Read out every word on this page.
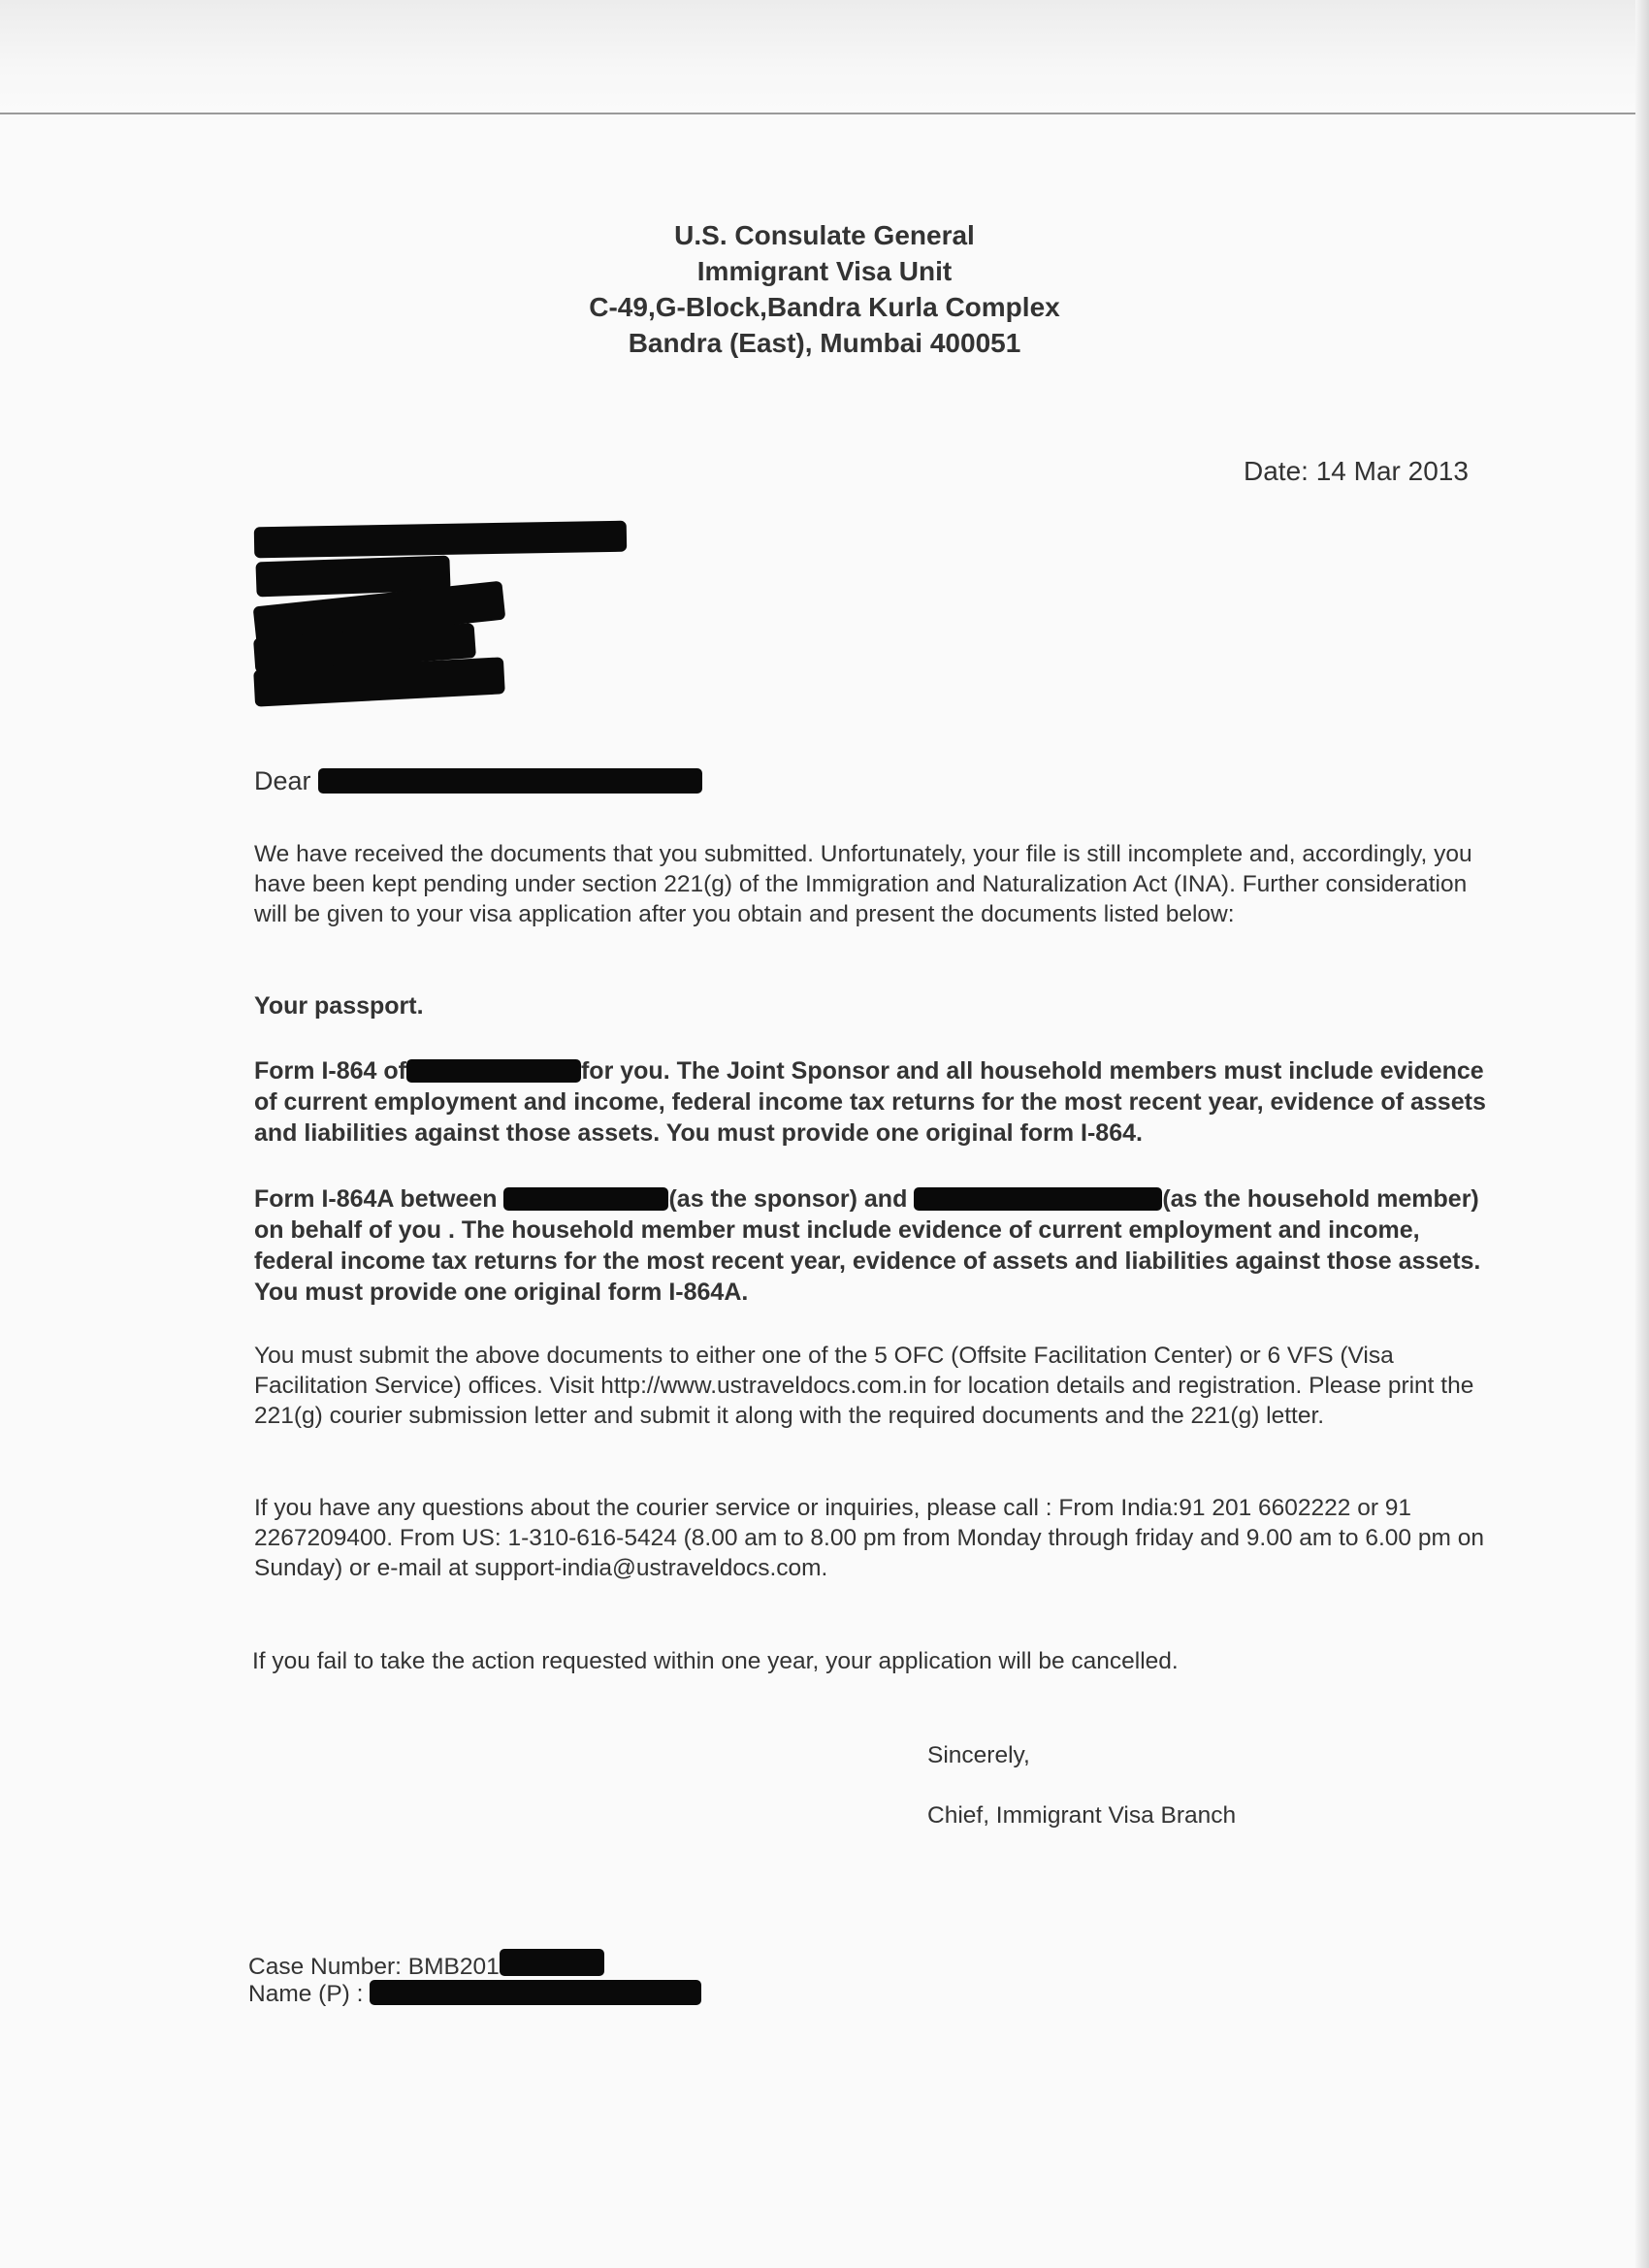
U.S. Consulate General
Immigrant Visa Unit
C-49,G-Block,Bandra Kurla Complex
Bandra (East), Mumbai 400051
Date: 14 Mar 2013
Dear
We have received the documents that you submitted. Unfortunately, your file is still incomplete and, accordingly, you have been kept pending under section 221(g) of the Immigration and Naturalization Act (INA). Further consideration will be given to your visa application after you obtain and present the documents listed below:
Your passport.
Form I-864 of	for you. The Joint Sponsor and all household members must include evidence of current employment and income, federal income tax returns for the most recent year, evidence of assets and liabilities against those assets. You must provide one original form I-864.
Form I-864A between	(as the sponsor) and	(as the household member) on behalf of you . The household member must include evidence of current employment and income, federal income tax returns for the most recent year, evidence of assets and liabilities against those assets. You must provide one original form I-864A.
You must submit the above documents to either one of the 5 OFC (Offsite Facilitation Center) or 6 VFS (Visa Facilitation Service) offices. Visit http://www.ustraveldocs.com.in for location details and registration. Please print the 221(g) courier submission letter and submit it along with the required documents and the 221(g) letter.
If you have any questions about the courier service or inquiries, please call : From India:91 201 6602222 or 91 2267209400. From US: 1-310-616-5424 (8.00 am to 8.00 pm from Monday through friday and 9.00 am to 6.00 pm on Sunday) or e-mail at support-india@ustraveldocs.com.
If you fail to take the action requested within one year, your application will be cancelled.
Sincerely,
Chief, Immigrant Visa Branch
Case Number: BMB201
Name (P) :
